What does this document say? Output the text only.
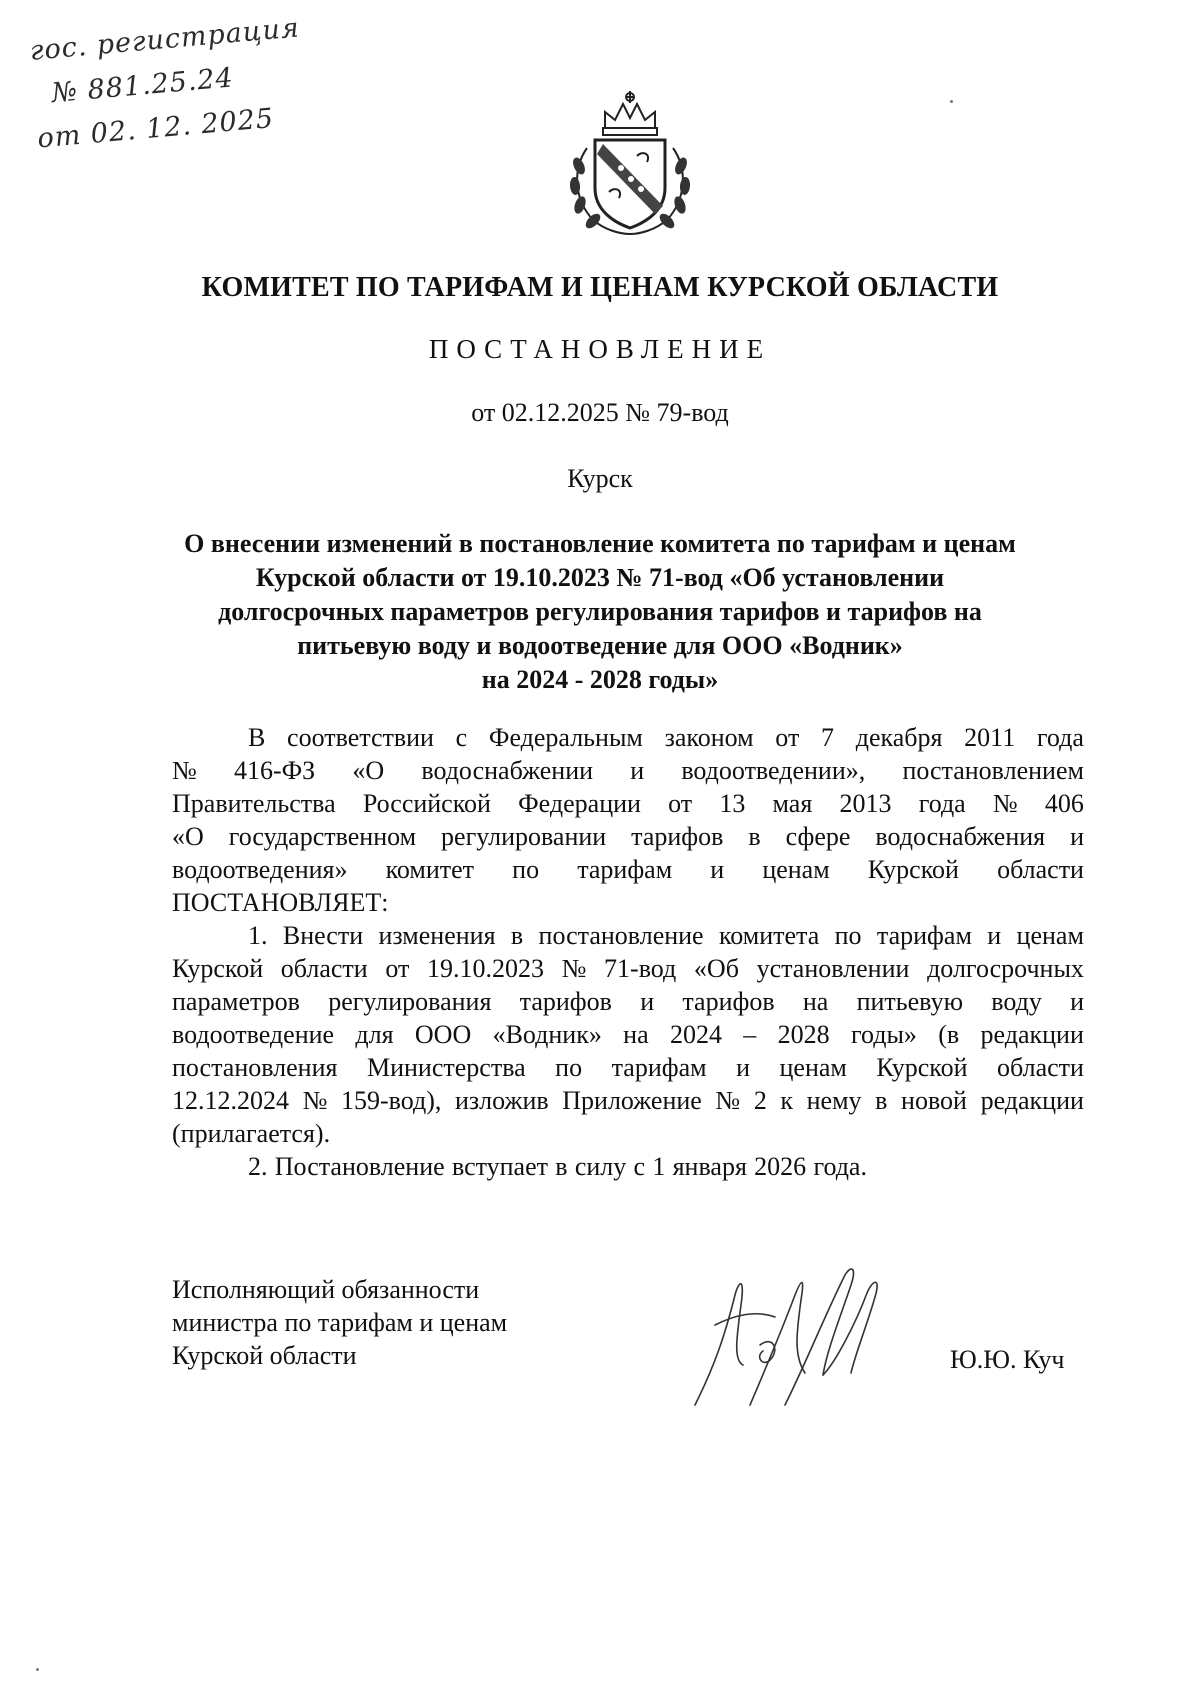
гос. регистрация
№ 881.25.24
от 02. 12. 2025
КОМИТЕТ ПО ТАРИФАМ И ЦЕНАМ КУРСКОЙ ОБЛАСТИ
ПОСТАНОВЛЕНИЕ
от 02.12.2025 № 79-вод
Курск
О внесении изменений в постановление комитета по тарифам и ценам
Курской области от 19.10.2023 № 71-вод «Об установлении
долгосрочных параметров регулирования тарифов и тарифов на
питьевую воду и водоотведение для ООО «Водник»
на 2024 - 2028 годы»
В соответствии с Федеральным законом от 7 декабря 2011 года
№ 416-ФЗ «О водоснабжении и водоотведении», постановлением
Правительства Российской Федерации от 13 мая 2013 года № 406
«О государственном регулировании тарифов в сфере водоснабжения и
водоотведения» комитет по тарифам и ценам Курской области
ПОСТАНОВЛЯЕТ:
1. Внести изменения в постановление комитета по тарифам и ценам
Курской области от 19.10.2023 № 71-вод «Об установлении долгосрочных
параметров регулирования тарифов и тарифов на питьевую воду и
водоотведение для ООО «Водник» на 2024 – 2028 годы» (в редакции
постановления Министерства по тарифам и ценам Курской области
12.12.2024 № 159-вод), изложив Приложение № 2 к нему в новой редакции
(прилагается).
2. Постановление вступает в силу с 1 января 2026 года.
Исполняющий обязанности
министра по тарифам и ценам
Курской области	Ю.Ю. Куч
